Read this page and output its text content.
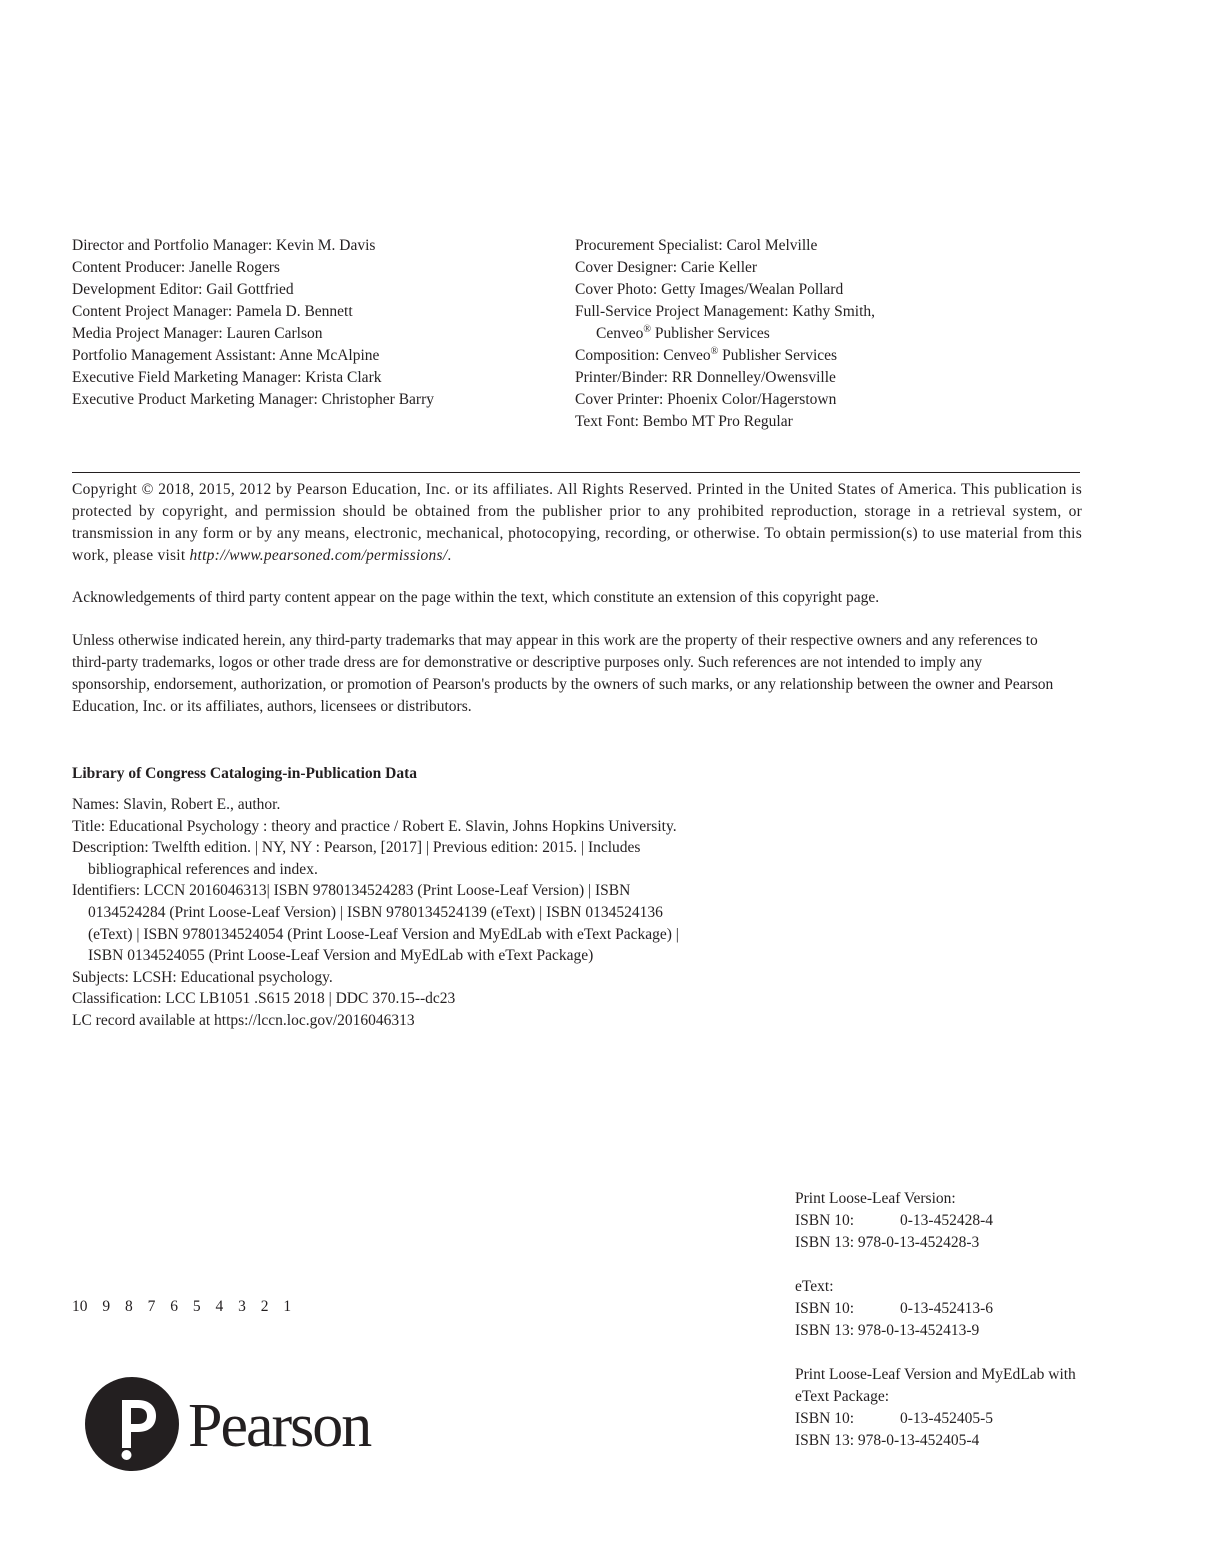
Director and Portfolio Manager: Kevin M. Davis
Content Producer: Janelle Rogers
Development Editor: Gail Gottfried
Content Project Manager: Pamela D. Bennett
Media Project Manager: Lauren Carlson
Portfolio Management Assistant: Anne McAlpine
Executive Field Marketing Manager: Krista Clark
Executive Product Marketing Manager: Christopher Barry
Procurement Specialist: Carol Melville
Cover Designer: Carie Keller
Cover Photo: Getty Images/Wealan Pollard
Full-Service Project Management: Kathy Smith,
Cenveo® Publisher Services
Composition: Cenveo® Publisher Services
Printer/Binder: RR Donnelley/Owensville
Cover Printer: Phoenix Color/Hagerstown
Text Font: Bembo MT Pro Regular
Copyright © 2018, 2015, 2012 by Pearson Education, Inc. or its affiliates. All Rights Reserved. Printed in the United States of America. This publication is protected by copyright, and permission should be obtained from the publisher prior to any prohibited reproduction, storage in a retrieval system, or transmission in any form or by any means, electronic, mechanical, photocopying, recording, or otherwise. To obtain permission(s) to use material from this work, please visit http://www.pearsoned.com/permissions/.
Acknowledgements of third party content appear on the page within the text, which constitute an extension of this copyright page.
Unless otherwise indicated herein, any third-party trademarks that may appear in this work are the property of their respective owners and any references to third-party trademarks, logos or other trade dress are for demonstrative or descriptive purposes only. Such references are not intended to imply any sponsorship, endorsement, authorization, or promotion of Pearson's products by the owners of such marks, or any relationship between the owner and Pearson Education, Inc. or its affiliates, authors, licensees or distributors.
Library of Congress Cataloging-in-Publication Data
Names: Slavin, Robert E., author.
Title: Educational Psychology : theory and practice / Robert E. Slavin, Johns Hopkins University.
Description: Twelfth edition. | NY, NY : Pearson, [2017] | Previous edition: 2015. | Includes bibliographical references and index.
Identifiers: LCCN 2016046313| ISBN 9780134524283 (Print Loose-Leaf Version) | ISBN 0134524284 (Print Loose-Leaf Version) | ISBN 9780134524139 (eText) | ISBN 0134524136 (eText) | ISBN 9780134524054 (Print Loose-Leaf Version and MyEdLab with eText Package) | ISBN 0134524055 (Print Loose-Leaf Version and MyEdLab with eText Package)
Subjects: LCSH: Educational psychology.
Classification: LCC LB1051 .S615 2018 | DDC 370.15--dc23
LC record available at https://lccn.loc.gov/2016046313
10 9 8 7 6 5 4 3 2 1
Print Loose-Leaf Version:
ISBN 10:	0-13-452428-4
ISBN 13: 978-0-13-452428-3
eText:
ISBN 10:	0-13-452413-6
ISBN 13: 978-0-13-452413-9
Print Loose-Leaf Version and MyEdLab with eText Package:
ISBN 10:	0-13-452405-5
ISBN 13: 978-0-13-452405-4
Pearson
